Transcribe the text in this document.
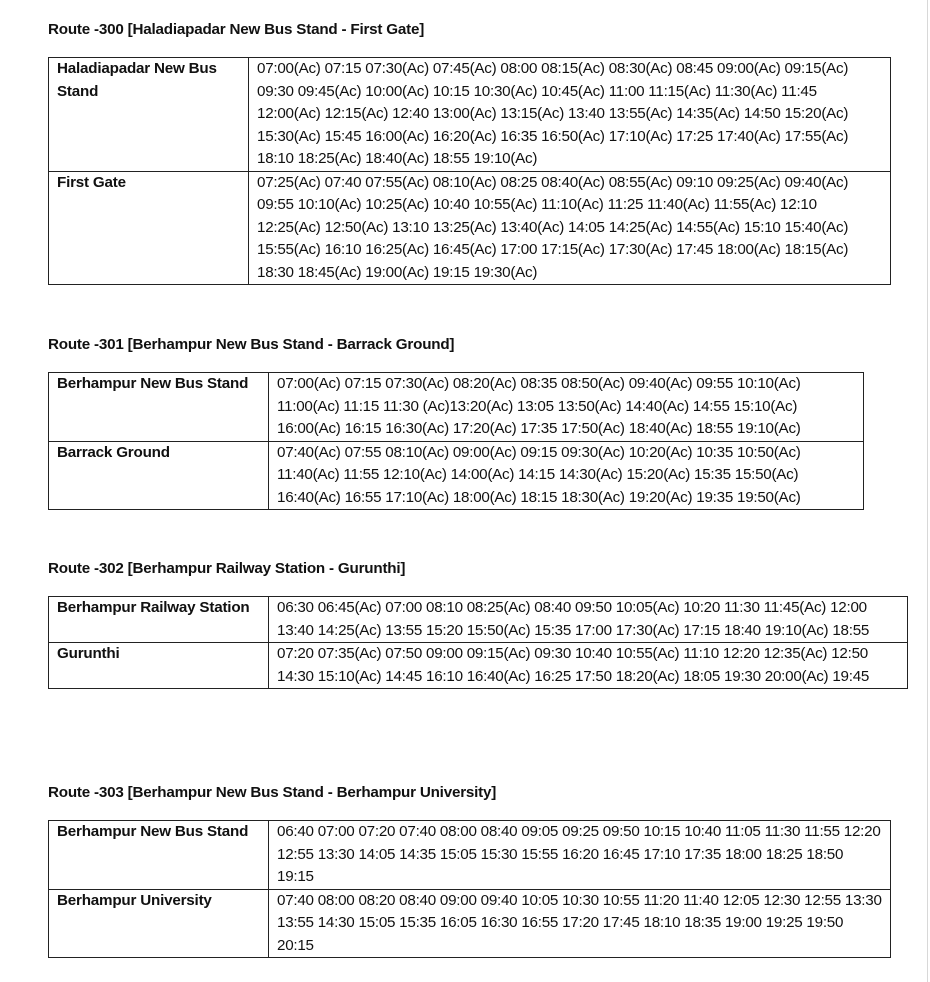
Route -300 [Haladiapadar New Bus Stand - First Gate]
Haladiapadar New Bus Stand	07:00(Ac) 07:15 07:30(Ac) 07:45(Ac) 08:00 08:15(Ac) 08:30(Ac) 08:45 09:00(Ac) 09:15(Ac) 09:30 09:45(Ac) 10:00(Ac) 10:15 10:30(Ac) 10:45(Ac) 11:00 11:15(Ac) 11:30(Ac) 11:45 12:00(Ac) 12:15(Ac) 12:40 13:00(Ac) 13:15(Ac) 13:40 13:55(Ac) 14:35(Ac) 14:50 15:20(Ac) 15:30(Ac) 15:45 16:00(Ac) 16:20(Ac) 16:35 16:50(Ac) 17:10(Ac) 17:25 17:40(Ac) 17:55(Ac) 18:10 18:25(Ac) 18:40(Ac) 18:55 19:10(Ac)
First Gate	07:25(Ac) 07:40 07:55(Ac) 08:10(Ac) 08:25 08:40(Ac) 08:55(Ac) 09:10 09:25(Ac) 09:40(Ac) 09:55 10:10(Ac) 10:25(Ac) 10:40 10:55(Ac) 11:10(Ac) 11:25 11:40(Ac) 11:55(Ac) 12:10 12:25(Ac) 12:50(Ac) 13:10 13:25(Ac) 13:40(Ac) 14:05 14:25(Ac) 14:55(Ac) 15:10 15:40(Ac) 15:55(Ac) 16:10 16:25(Ac) 16:45(Ac) 17:00 17:15(Ac) 17:30(Ac) 17:45 18:00(Ac) 18:15(Ac) 18:30 18:45(Ac) 19:00(Ac) 19:15 19:30(Ac)
Route -301 [Berhampur New Bus Stand - Barrack Ground]
Berhampur New Bus Stand	07:00(Ac) 07:15 07:30(Ac) 08:20(Ac) 08:35 08:50(Ac) 09:40(Ac) 09:55 10:10(Ac) 11:00(Ac) 11:15 11:30 (Ac)13:20(Ac) 13:05 13:50(Ac) 14:40(Ac) 14:55 15:10(Ac) 16:00(Ac) 16:15 16:30(Ac) 17:20(Ac) 17:35 17:50(Ac) 18:40(Ac) 18:55 19:10(Ac)
Barrack Ground	07:40(Ac) 07:55 08:10(Ac) 09:00(Ac) 09:15 09:30(Ac) 10:20(Ac) 10:35 10:50(Ac) 11:40(Ac) 11:55 12:10(Ac) 14:00(Ac) 14:15 14:30(Ac) 15:20(Ac) 15:35 15:50(Ac) 16:40(Ac) 16:55 17:10(Ac) 18:00(Ac) 18:15 18:30(Ac) 19:20(Ac) 19:35 19:50(Ac)
Route -302 [Berhampur Railway Station - Gurunthi]
Berhampur Railway Station	06:30 06:45(Ac) 07:00 08:10 08:25(Ac) 08:40 09:50 10:05(Ac) 10:20 11:30 11:45(Ac) 12:00 13:40 14:25(Ac) 13:55 15:20 15:50(Ac) 15:35 17:00 17:30(Ac) 17:15 18:40 19:10(Ac) 18:55
Gurunthi	07:20 07:35(Ac) 07:50 09:00 09:15(Ac) 09:30 10:40 10:55(Ac) 11:10 12:20 12:35(Ac) 12:50 14:30 15:10(Ac) 14:45 16:10 16:40(Ac) 16:25 17:50 18:20(Ac) 18:05 19:30 20:00(Ac) 19:45
Route -303 [Berhampur New Bus Stand - Berhampur University]
Berhampur New Bus Stand	06:40 07:00 07:20 07:40 08:00 08:40 09:05 09:25 09:50 10:15 10:40 11:05 11:30 11:55 12:20 12:55 13:30 14:05 14:35 15:05 15:30 15:55 16:20 16:45 17:10 17:35 18:00 18:25 18:50 19:15
Berhampur University	07:40 08:00 08:20 08:40 09:00 09:40 10:05 10:30 10:55 11:20 11:40 12:05 12:30 12:55 13:30 13:55 14:30 15:05 15:35 16:05 16:30 16:55 17:20 17:45 18:10 18:35 19:00 19:25 19:50 20:15
